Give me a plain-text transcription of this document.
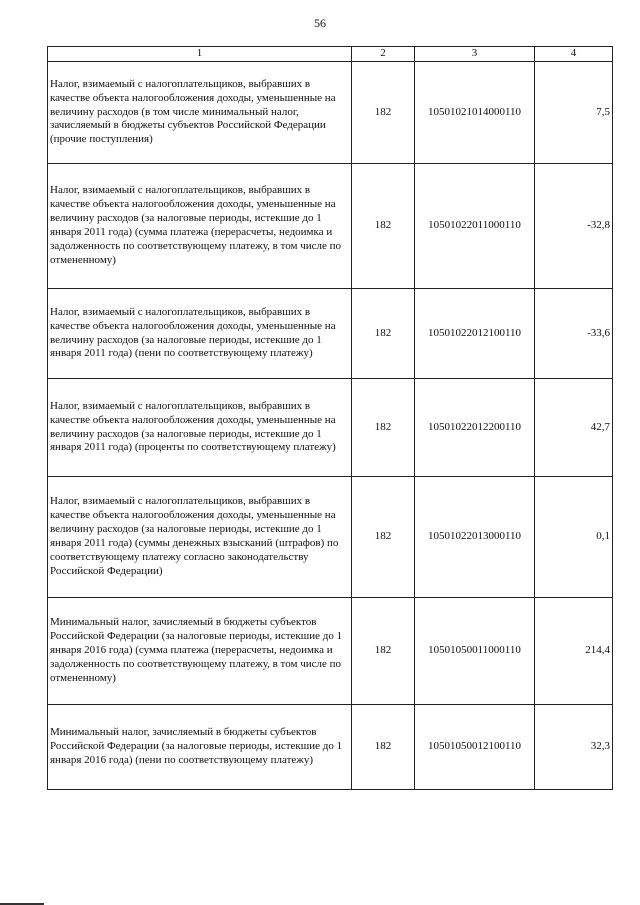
56
1	2	3	4
Налог, взимаемый с налогоплательщиков, выбравших в качестве объекта налогообложения доходы, уменьшенные на величину расходов (в том числе минимальный налог, зачисляемый в бюджеты субъектов Российской Федерации (прочие поступления)	182	10501021014000110	7,5
Налог, взимаемый с налогоплательщиков, выбравших в качестве объекта налогообложения доходы, уменьшенные на величину расходов (за налоговые периоды, истекшие до 1 января 2011 года) (сумма платежа (перерасчеты, недоимка и задолженность по соответствующему платежу, в том числе по отмененному)	182	10501022011000110	-32,8
Налог, взимаемый с налогоплательщиков, выбравших в качестве объекта налогообложения доходы, уменьшенные на величину расходов (за налоговые периоды, истекшие до 1 января 2011 года) (пени по соответствующему платежу)	182	10501022012100110	-33,6
Налог, взимаемый с налогоплательщиков, выбравших в качестве объекта налогообложения доходы, уменьшенные на величину расходов (за налоговые периоды, истекшие до 1 января 2011 года) (проценты по соответствующему платежу)	182	10501022012200110	42,7
Налог, взимаемый с налогоплательщиков, выбравших в качестве объекта налогообложения доходы, уменьшенные на величину расходов (за налоговые периоды, истекшие до 1 января 2011 года) (суммы денежных взысканий (штрафов) по соответствующему платежу согласно законодательству Российской Федерации)	182	10501022013000110	0,1
Минимальный налог, зачисляемый в бюджеты субъектов Российской Федерации (за налоговые периоды, истекшие до 1 января 2016 года) (сумма платежа (перерасчеты, недоимка и задолженность по соответствующему платежу, в том числе по отмененному)	182	10501050011000110	214,4
Минимальный налог, зачисляемый в бюджеты субъектов Российской Федерации (за налоговые периоды, истекшие до 1 января 2016 года) (пени по соответствующему платежу)	182	10501050012100110	32,3
